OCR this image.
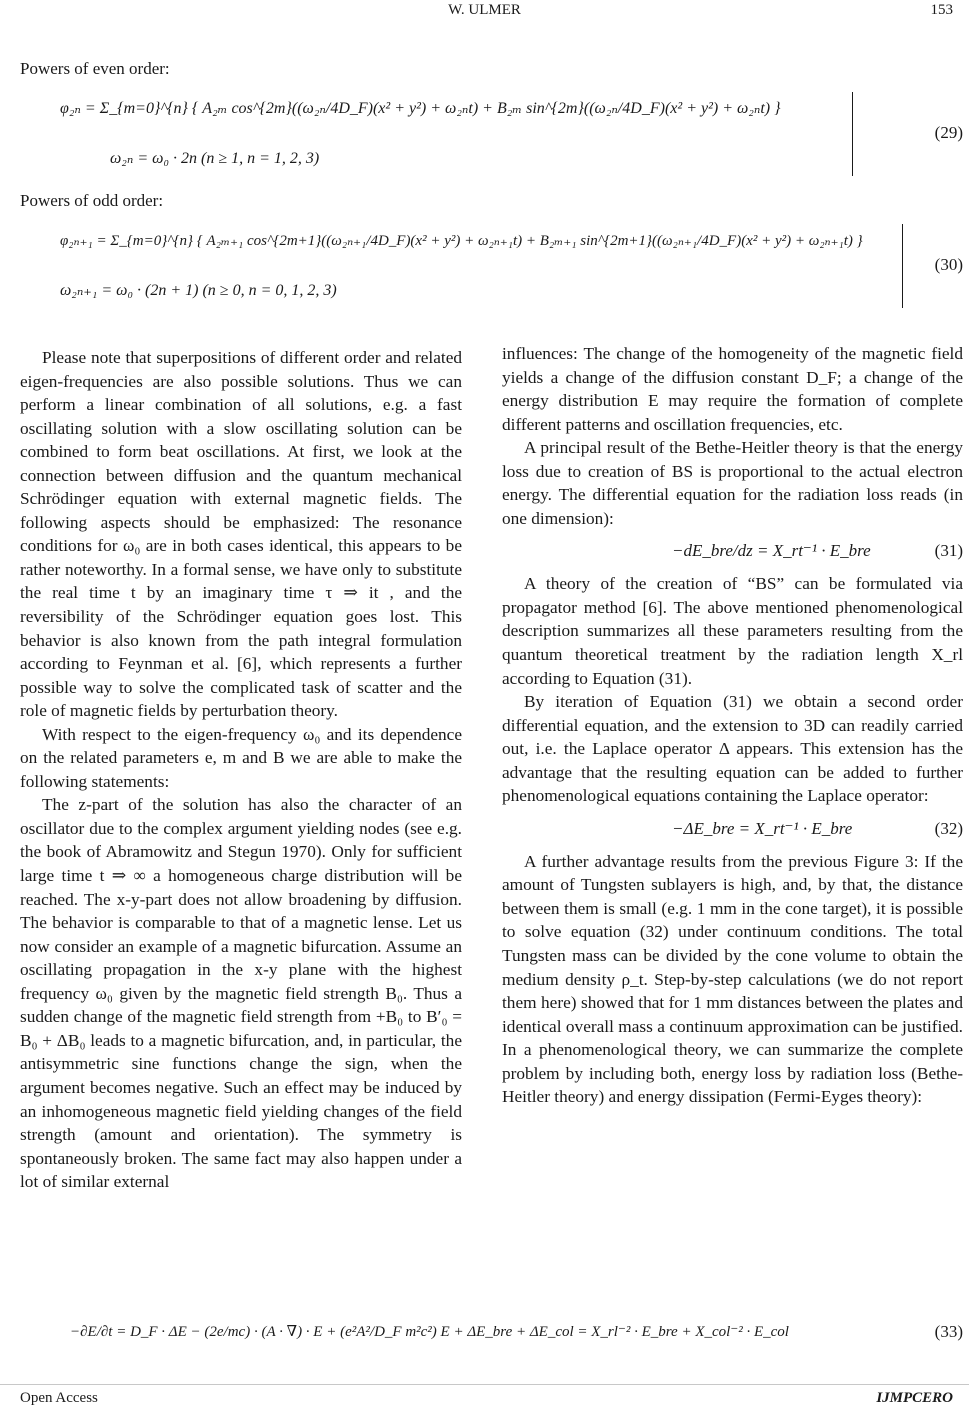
W. ULMER	153
Powers of even order:
φ₂ₙ = Σ_{m=0}^{n} { A₂ₘ cos^{2m}((ω₂ₙ/4D_F)(x² + y²) + ω₂ₙt) + B₂ₘ sin^{2m}((ω₂ₙ/4D_F)(x² + y²) + ω₂ₙt) }
ω₂ₙ = ω₀ · 2n (n ≥ 1, n = 1, 2, 3)
(29)
Powers of odd order:
φ₂ₙ₊₁ = Σ_{m=0}^{n} { A₂ₘ₊₁ cos^{2m+1}((ω₂ₙ₊₁/4D_F)(x² + y²) + ω₂ₙ₊₁t) + B₂ₘ₊₁ sin^{2m+1}((ω₂ₙ₊₁/4D_F)(x² + y²) + ω₂ₙ₊₁t) }
ω₂ₙ₊₁ = ω₀ · (2n + 1) (n ≥ 0, n = 0, 1, 2, 3)
(30)

Please note that superpositions of different order and related eigen-frequencies are also possible solutions. Thus we can perform a linear combination of all solutions, e.g. a fast oscillating solution with a slow oscillating solution can be combined to form beat oscillations. At first, we look at the connection between diffusion and the quantum mechanical Schrödinger equation with external magnetic fields. The following aspects should be emphasized: The resonance conditions for ω₀ are in both cases identical, this appears to be rather noteworthy. In a formal sense, we have only to substitute the real time t by an imaginary time τ ⇒ it , and the reversibility of the Schrödinger equation goes lost. This behavior is also known from the path integral formulation according to Feynman et al. [6], which represents a further possible way to solve the complicated task of scatter and the role of magnetic fields by perturbation theory.

With respect to the eigen-frequency ω₀ and its dependence on the related parameters e, m and B we are able to make the following statements:

The z-part of the solution has also the character of an oscillator due to the complex argument yielding nodes (see e.g. the book of Abramowitz and Stegun 1970). Only for sufficient large time t ⇒ ∞ a homogeneous charge distribution will be reached. The x-y-part does not allow broadening by diffusion. The behavior is comparable to that of a magnetic lense. Let us now consider an example of a magnetic bifurcation. Assume an oscillating propagation in the x-y plane with the highest frequency ω₀ given by the magnetic field strength B₀. Thus a sudden change of the magnetic field strength from +B₀ to B′₀ = B₀ + ΔB₀ leads to a magnetic bifurcation, and, in particular, the antisymmetric sine functions change the sign, when the argument becomes negative. Such an effect may be induced by an inhomogeneous magnetic field yielding changes of the field strength (amount and orientation). The symmetry is spontaneously broken. The same fact may also happen under a lot of similar external

influences: The change of the homogeneity of the magnetic field yields a change of the diffusion constant D_F; a change of the energy distribution E may require the formation of complete different patterns and oscillation frequencies, etc.

A principal result of the Bethe-Heitler theory is that the energy loss due to creation of BS is proportional to the actual electron energy. The differential equation for the radiation loss reads (in one dimension):

−dE_bre/dz = X_rt⁻¹ · E_bre	(31)

A theory of the creation of “BS” can be formulated via propagator method [6]. The above mentioned phenomenological description summarizes all these parameters resulting from the quantum theoretical treatment by the radiation length X_rl according to Equation (31).

By iteration of Equation (31) we obtain a second order differential equation, and the extension to 3D can readily carried out, i.e. the Laplace operator Δ appears. This extension has the advantage that the resulting equation can be added to further phenomenological equations containing the Laplace operator:

−ΔE_bre = X_rt⁻¹ · E_bre	(32)

A further advantage results from the previous Figure 3: If the amount of Tungsten sublayers is high, and, by that, the distance between them is small (e.g. 1 mm in the cone target), it is possible to solve equation (32) under continuum conditions. The total Tungsten mass can be divided by the cone volume to obtain the medium density ρ_t. Step-by-step calculations (we do not report them here) showed that for 1 mm distances between the plates and identical overall mass a continuum approximation can be justified. In a phenomenological theory, we can summarize the complete problem by including both, energy loss by radiation loss (Bethe-Heitler theory) and energy dissipation (Fermi-Eyges theory):

−∂E/∂t = D_F · ΔE − (2e/mc) · (A · ∇) · E + (e²A²/D_F m²c²) E + ΔE_bre + ΔE_col = X_rl⁻² · E_bre + X_col⁻² · E_col	(33)
Open Access	IJMPCERO
